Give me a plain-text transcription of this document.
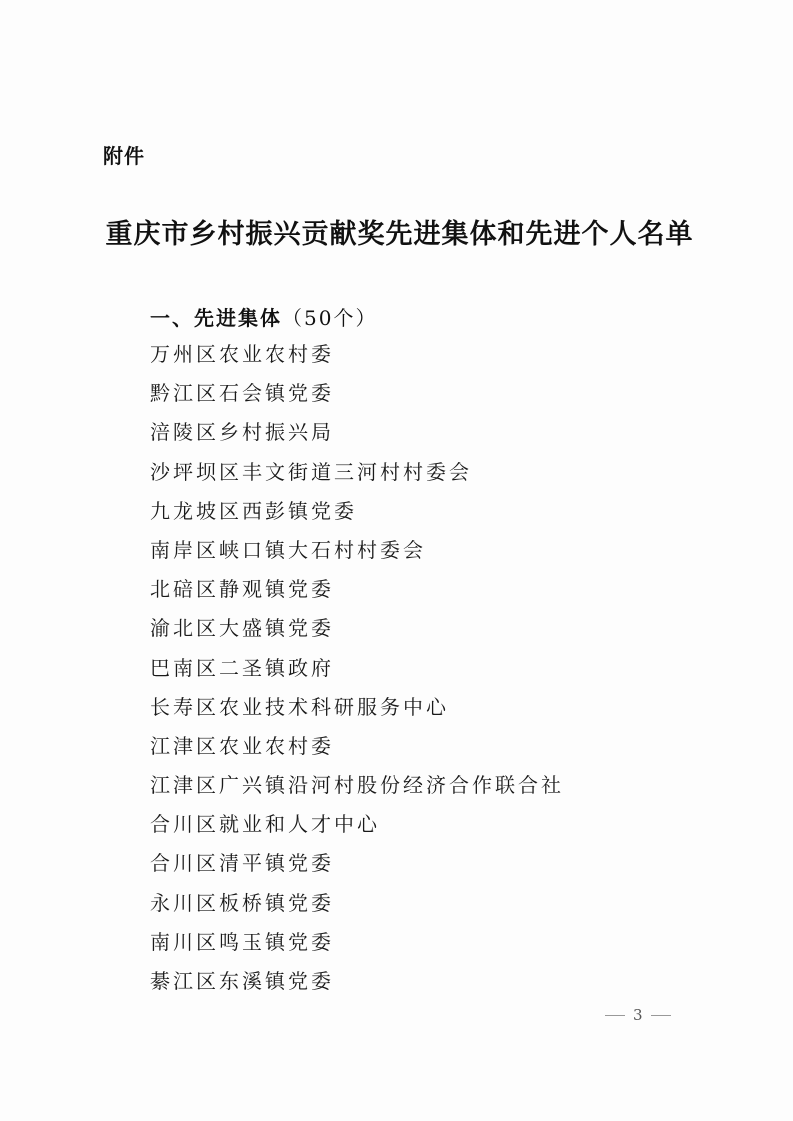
附件
重庆市乡村振兴贡献奖先进集体和先进个人名单
一、先进集体（50个）
万州区农业农村委
黔江区石会镇党委
涪陵区乡村振兴局
沙坪坝区丰文街道三河村村委会
九龙坡区西彭镇党委
南岸区峡口镇大石村村委会
北碚区静观镇党委
渝北区大盛镇党委
巴南区二圣镇政府
长寿区农业技术科研服务中心
江津区农业农村委
江津区广兴镇沿河村股份经济合作联合社
合川区就业和人才中心
合川区清平镇党委
永川区板桥镇党委
南川区鸣玉镇党委
綦江区东溪镇党委
3
